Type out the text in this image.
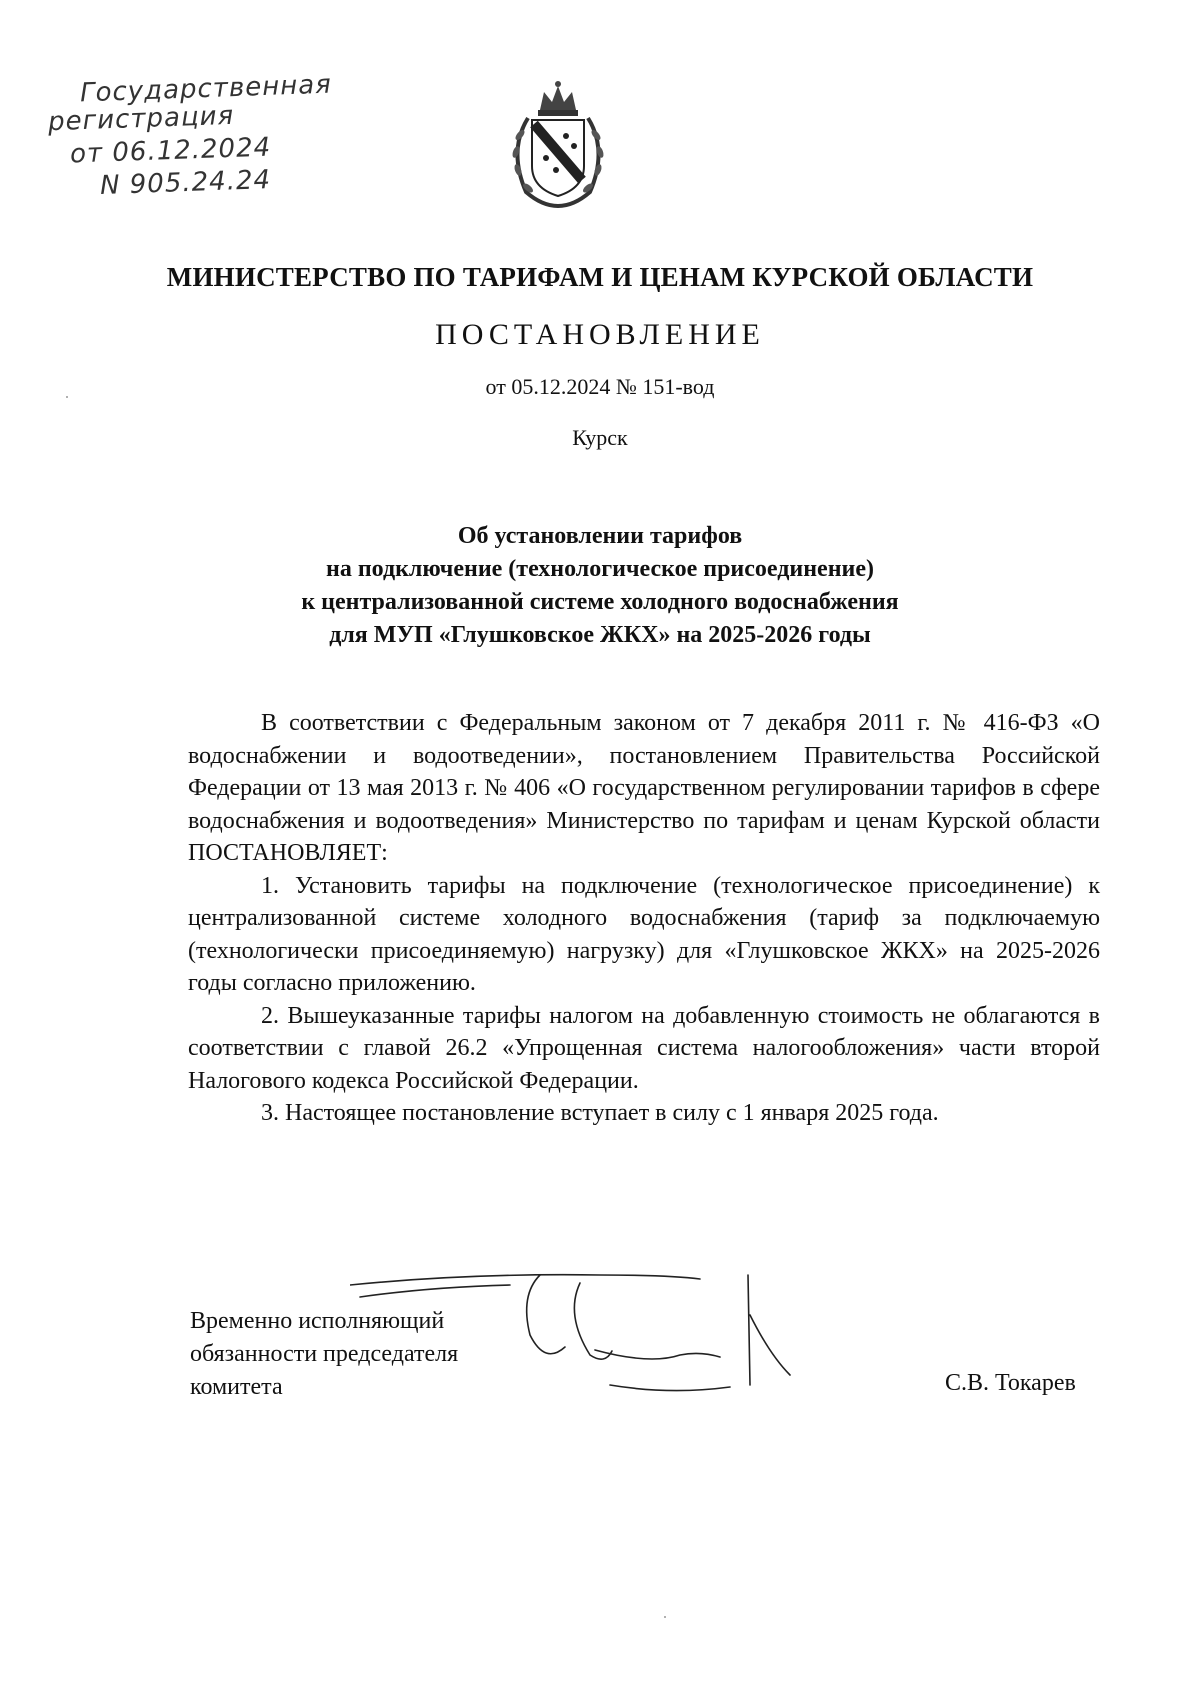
Государственная
регистрация
от 06.12.2024
N 905.24.24
МИНИСТЕРСТВО ПО ТАРИФАМ И ЦЕНАМ КУРСКОЙ ОБЛАСТИ
ПОСТАНОВЛЕНИЕ
от 05.12.2024 № 151-вод
Курск
Об установлении тарифов
на подключение (технологическое присоединение)
к централизованной системе холодного водоснабжения
для МУП «Глушковское ЖКХ» на 2025-2026 годы

В соответствии с Федеральным законом от 7 декабря 2011 г. № 416-ФЗ «О водоснабжении и водоотведении», постановлением Правительства Российской Федерации от 13 мая 2013 г. № 406 «О государственном регулировании тарифов в сфере водоснабжения и водоотведения» Министерство по тарифам и ценам Курской области ПОСТАНОВЛЯЕТ:

1. Установить тарифы на подключение (технологическое присоединение) к централизованной системе холодного водоснабжения (тариф за подключаемую (технологически присоединяемую) нагрузку) для «Глушковское ЖКХ» на 2025-2026 годы согласно приложению.

2. Вышеуказанные тарифы налогом на добавленную стоимость не облагаются в соответствии с главой 26.2 «Упрощенная система налогообложения» части второй Налогового кодекса Российской Федерации.

3. Настоящее постановление вступает в силу с 1 января 2025 года.

Временно исполняющий
обязанности председателя
комитета	С.В. Токарев
